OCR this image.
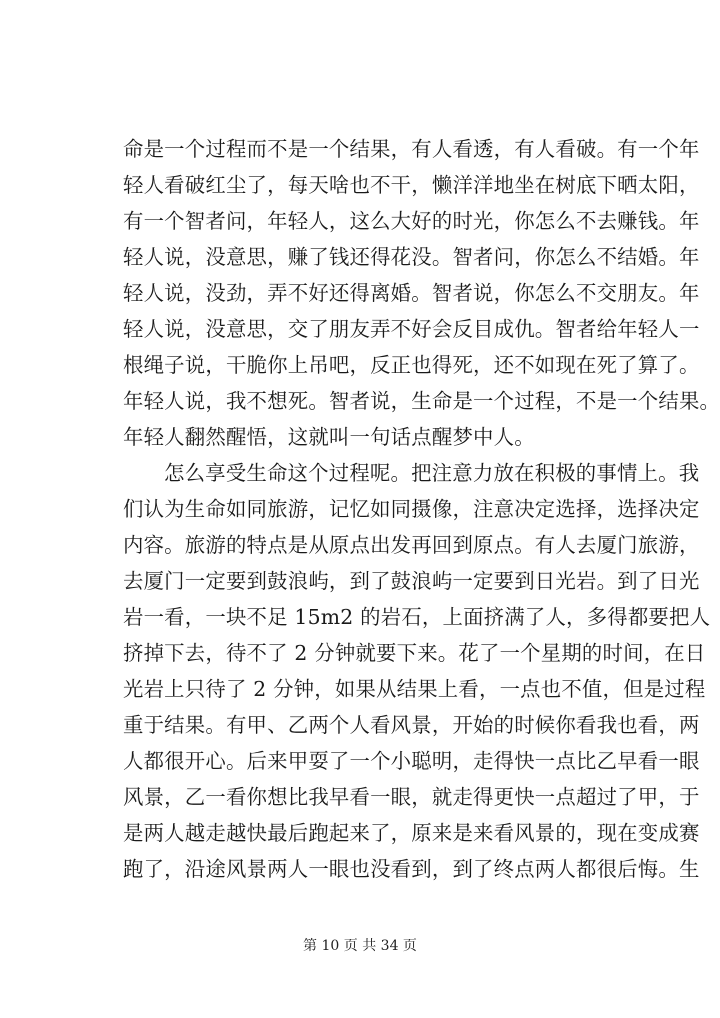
命是一个过程而不是一个结果，有人看透，有人看破。有一个年
轻人看破红尘了，每天啥也不干，懒洋洋地坐在树底下晒太阳，
有一个智者问，年轻人，这么大好的时光，你怎么不去赚钱。年
轻人说，没意思，赚了钱还得花没。智者问，你怎么不结婚。年
轻人说，没劲，弄不好还得离婚。智者说，你怎么不交朋友。年
轻人说，没意思，交了朋友弄不好会反目成仇。智者给年轻人一
根绳子说，干脆你上吊吧，反正也得死，还不如现在死了算了。
年轻人说，我不想死。智者说，生命是一个过程，不是一个结果。
年轻人翻然醒悟，这就叫一句话点醒梦中人。
怎么享受生命这个过程呢。把注意力放在积极的事情上。我
们认为生命如同旅游，记忆如同摄像，注意决定选择，选择决定
内容。旅游的特点是从原点出发再回到原点。有人去厦门旅游，
去厦门一定要到鼓浪屿，到了鼓浪屿一定要到日光岩。到了日光
岩一看，一块不足 15m2 的岩石，上面挤满了人，多得都要把人
挤掉下去，待不了 2 分钟就要下来。花了一个星期的时间，在日
光岩上只待了 2 分钟，如果从结果上看，一点也不值，但是过程
重于结果。有甲、乙两个人看风景，开始的时候你看我也看，两
人都很开心。后来甲耍了一个小聪明，走得快一点比乙早看一眼
风景，乙一看你想比我早看一眼，就走得更快一点超过了甲，于
是两人越走越快最后跑起来了，原来是来看风景的，现在变成赛
跑了，沿途风景两人一眼也没看到，到了终点两人都很后悔。生
第 10 页 共 34 页
